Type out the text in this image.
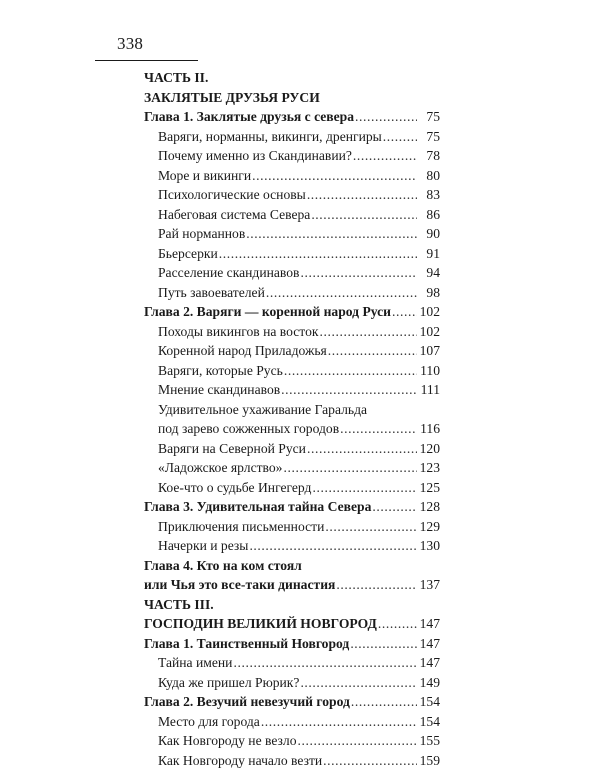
338
ЧАСТЬ II.
ЗАКЛЯТЫЕ ДРУЗЬЯ РУСИ
Глава 1. Заклятые друзья с севера .....	75
Варяги, норманны, викинги, дренгиры .....	75
Почему именно из Скандинавии? .....	78
Море и викинги .....	80
Психологические основы .....	83
Набеговая система Севера .....	86
Рай норманнов .....	90
Бьерсерки .....	91
Расселение скандинавов .....	94
Путь завоевателей .....	98
Глава 2. Варяги — коренной народ Руси ..... 102
Походы викингов на восток .....	102
Коренной народ Приладожья .....	107
Варяги, которые Русь .....	110
Мнение скандинавов .....	111
Удивительное ухаживание Гаральда
под зарево сожженных городов .....	116
Варяги на Северной Руси .....	120
«Ладожское ярлство» .....	123
Кое-что о судьбе Ингегерд .....	125
Глава 3. Удивительная тайна Севера .....	128
Приключения письменности .....	129
Начерки и резы .....	130
Глава 4. Кто на ком стоял
или Чья это все-таки династия .....	137
ЧАСТЬ III.
ГОСПОДИН ВЕЛИКИЙ НОВГОРОД .....	147
Глава 1. Таинственный Новгород .....	147
Тайна имени .....	147
Куда же пришел Рюрик? .....	149
Глава 2. Везучий невезучий город .....	154
Место для города .....	154
Как Новгороду не везло .....	155
Как Новгороду начало везти .....	159
